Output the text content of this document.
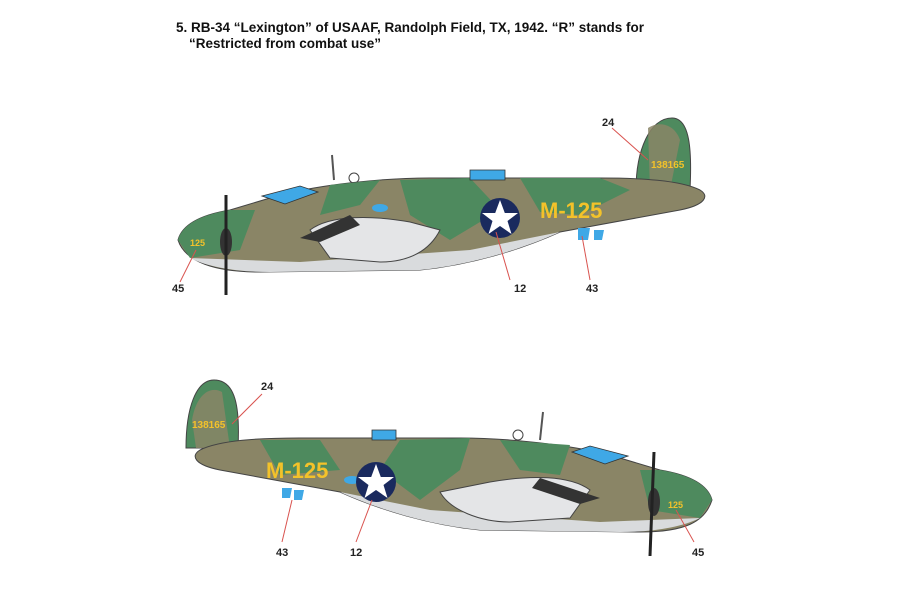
5. RB-34 “Lexington” of USAAF, Randolph Field, TX, 1942. “R” stands for
“Restricted from combat use”
M-125
138165
125
24
45	12	43
M-125
138165
125
24
43	12	45
